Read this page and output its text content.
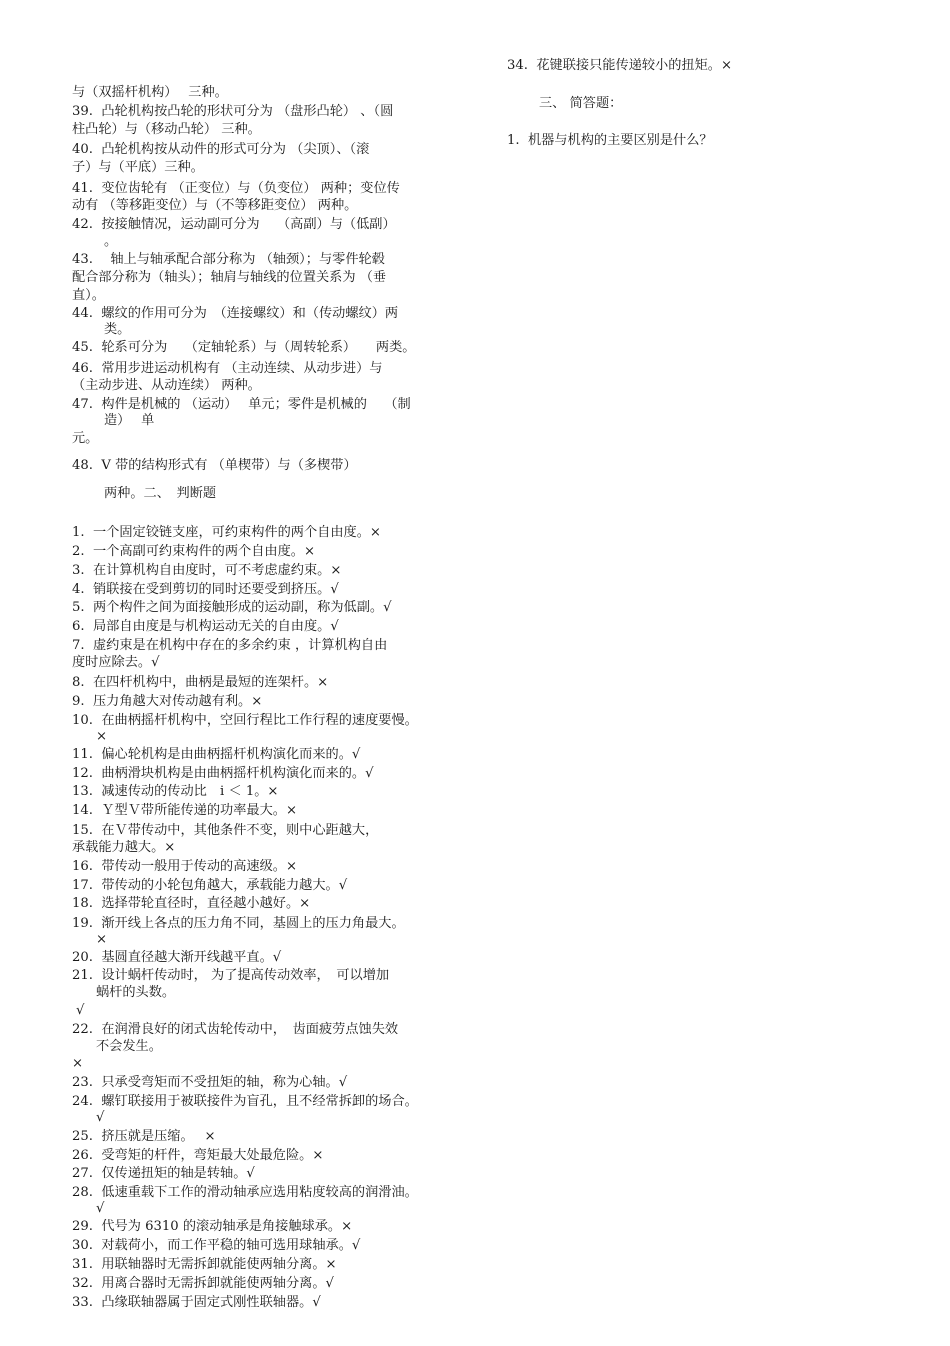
与（双摇杆机构）　 三种。
39.  凸轮机构按凸轮的形状可分为 （盘形凸轮） 、（圆
柱凸轮）与（移动凸轮） 三种。
40.  凸轮机构按从动件的形式可分为 （尖顶）、（滚
子）与（平底）三种。
41.  变位齿轮有 （正变位）与（负变位） 两种；变位传
动有 （等移距变位）与（不等移距变位） 两种。
42.  按接触情况，运动副可分为　 （高副）与（低副）
。
43.　 轴上与轴承配合部分称为 （轴颈）；与零件轮毂
配合部分称为（轴头）；轴肩与轴线的位置关系为 （垂
直）。
44.  螺纹的作用可分为　（连接螺纹）和（传动螺纹）两
类。
45.  轮系可分为　 （定轴轮系）与（周转轮系）　　两类。
46.  常用步进运动机构有 （主动连续、从动步进）与
（主动步进、从动连续） 两种。
47.  构件是机械的 （运动）　 单元；零件是机械的　 （制
造）　 单
元。
48.  V 带的结构形式有 （单楔带）与（多楔带）
两种。二、　判断题
1.  一个固定铰链支座，可约束构件的两个自由度。×
2.  一个高副可约束构件的两个自由度。×
3.  在计算机构自由度时，可不考虑虚约束。×
4.  销联接在受到剪切的同时还要受到挤压。√
5.  两个构件之间为面接触形成的运动副，称为低副。√
6.  局部自由度是与机构运动无关的自由度。√
7.  虚约束是在机构中存在的多余约束 ，计算机构自由
度时应除去。√
8.  在四杆机构中，曲柄是最短的连架杆。×
9.  压力角越大对传动越有利。×
10.  在曲柄摇杆机构中，空回行程比工作行程的速度要慢。
×
11.  偏心轮机构是由曲柄摇杆机构演化而来的。√
12.  曲柄滑块机构是由曲柄摇杆机构演化而来的。√
13.  减速传动的传动比　i ＜ 1。×
14.  Ｙ型Ｖ带所能传递的功率最大。×
15.  在Ｖ带传动中，其他条件不变，则中心距越大，
承载能力越大。×
16.  带传动一般用于传动的高速级。×
17.  带传动的小轮包角越大，承载能力越大。√
18.  选择带轮直径时，直径越小越好。×
19.  渐开线上各点的压力角不同，基圆上的压力角最大。
×
20.  基圆直径越大渐开线越平直。√
21.  设计蜗杆传动时， 为了提高传动效率，　可以增加
蜗杆的头数。
√
22.  在润滑良好的闭式齿轮传动中，　齿面疲劳点蚀失效
不会发生。
×
23.  只承受弯矩而不受扭矩的轴，称为心轴。√
24.  螺钉联接用于被联接件为盲孔，且不经常拆卸的场合。
√
25.  挤压就是压缩。　 ×
26.  受弯矩的杆件，弯矩最大处最危险。×
27.  仅传递扭矩的轴是转轴。√
28.  低速重载下工作的滑动轴承应选用粘度较高的润滑油。
√
29.  代号为 6310 的滚动轴承是角接触球承。×
30.  对载荷小，而工作平稳的轴可选用球轴承。√
31.  用联轴器时无需拆卸就能使两轴分离。×
32.  用离合器时无需拆卸就能使两轴分离。√
33.  凸缘联轴器属于固定式刚性联轴器。√
34.  花键联接只能传递较小的扭矩。×
三、 简答题：
1.  机器与机构的主要区别是什么？
